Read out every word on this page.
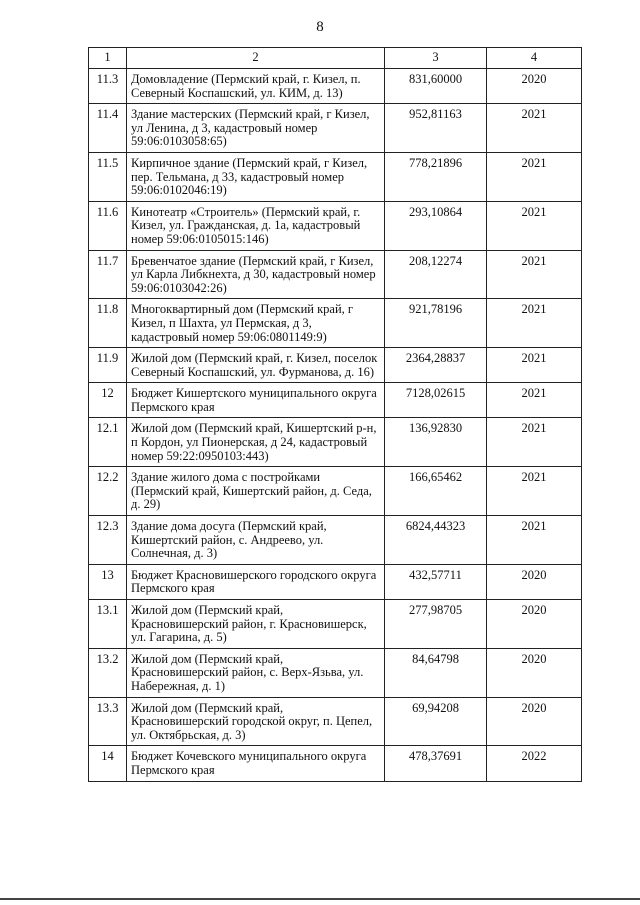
8
1	2	3	4
11.3	Домовладение (Пермский край, г. Кизел, п. Северный Коспашский, ул. КИМ, д. 13)	831,60000	2020
11.4	Здание мастерских (Пермский край, г Кизел, ул Ленина, д 3, кадастровый номер 59:06:0103058:65)	952,81163	2021
11.5	Кирпичное здание (Пермский край, г Кизел, пер. Тельмана, д 33, кадастровый номер 59:06:0102046:19)	778,21896	2021
11.6	Кинотеатр «Строитель» (Пермский край, г. Кизел, ул. Гражданская, д. 1а, кадастровый номер 59:06:0105015:146)	293,10864	2021
11.7	Бревенчатое здание (Пермский край, г Кизел, ул Карла Либкнехта, д 30, кадастровый номер 59:06:0103042:26)	208,12274	2021
11.8	Многоквартирный дом (Пермский край, г Кизел, п Шахта, ул Пермская, д 3, кадастровый номер 59:06:0801149:9)	921,78196	2021
11.9	Жилой дом (Пермский край, г. Кизел, поселок Северный Коспашский, ул. Фурманова, д. 16)	2364,28837	2021
12	Бюджет Кишертского муниципального округа Пермского края	7128,02615	2021
12.1	Жилой дом (Пермский край, Кишертский р-н, п Кордон, ул Пионерская, д 24, кадастровый номер 59:22:0950103:443)	136,92830	2021
12.2	Здание жилого дома с постройками (Пермский край, Кишертский район, д. Седа, д. 29)	166,65462	2021
12.3	Здание дома досуга (Пермский край, Кишертский район, с. Андреево, ул. Солнечная, д. 3)	6824,44323	2021
13	Бюджет Красновишерского городского округа Пермского края	432,57711	2020
13.1	Жилой дом (Пермский край, Красновишерский район, г. Красновишерск, ул. Гагарина, д. 5)	277,98705	2020
13.2	Жилой дом (Пермский край, Красновишерский район, с. Верх-Язьва, ул. Набережная, д. 1)	84,64798	2020
13.3	Жилой дом (Пермский край, Красновишерский городской округ, п. Цепел, ул. Октябрьская, д. 3)	69,94208	2020
14	Бюджет Кочевского муниципального округа Пермского края	478,37691	2022
